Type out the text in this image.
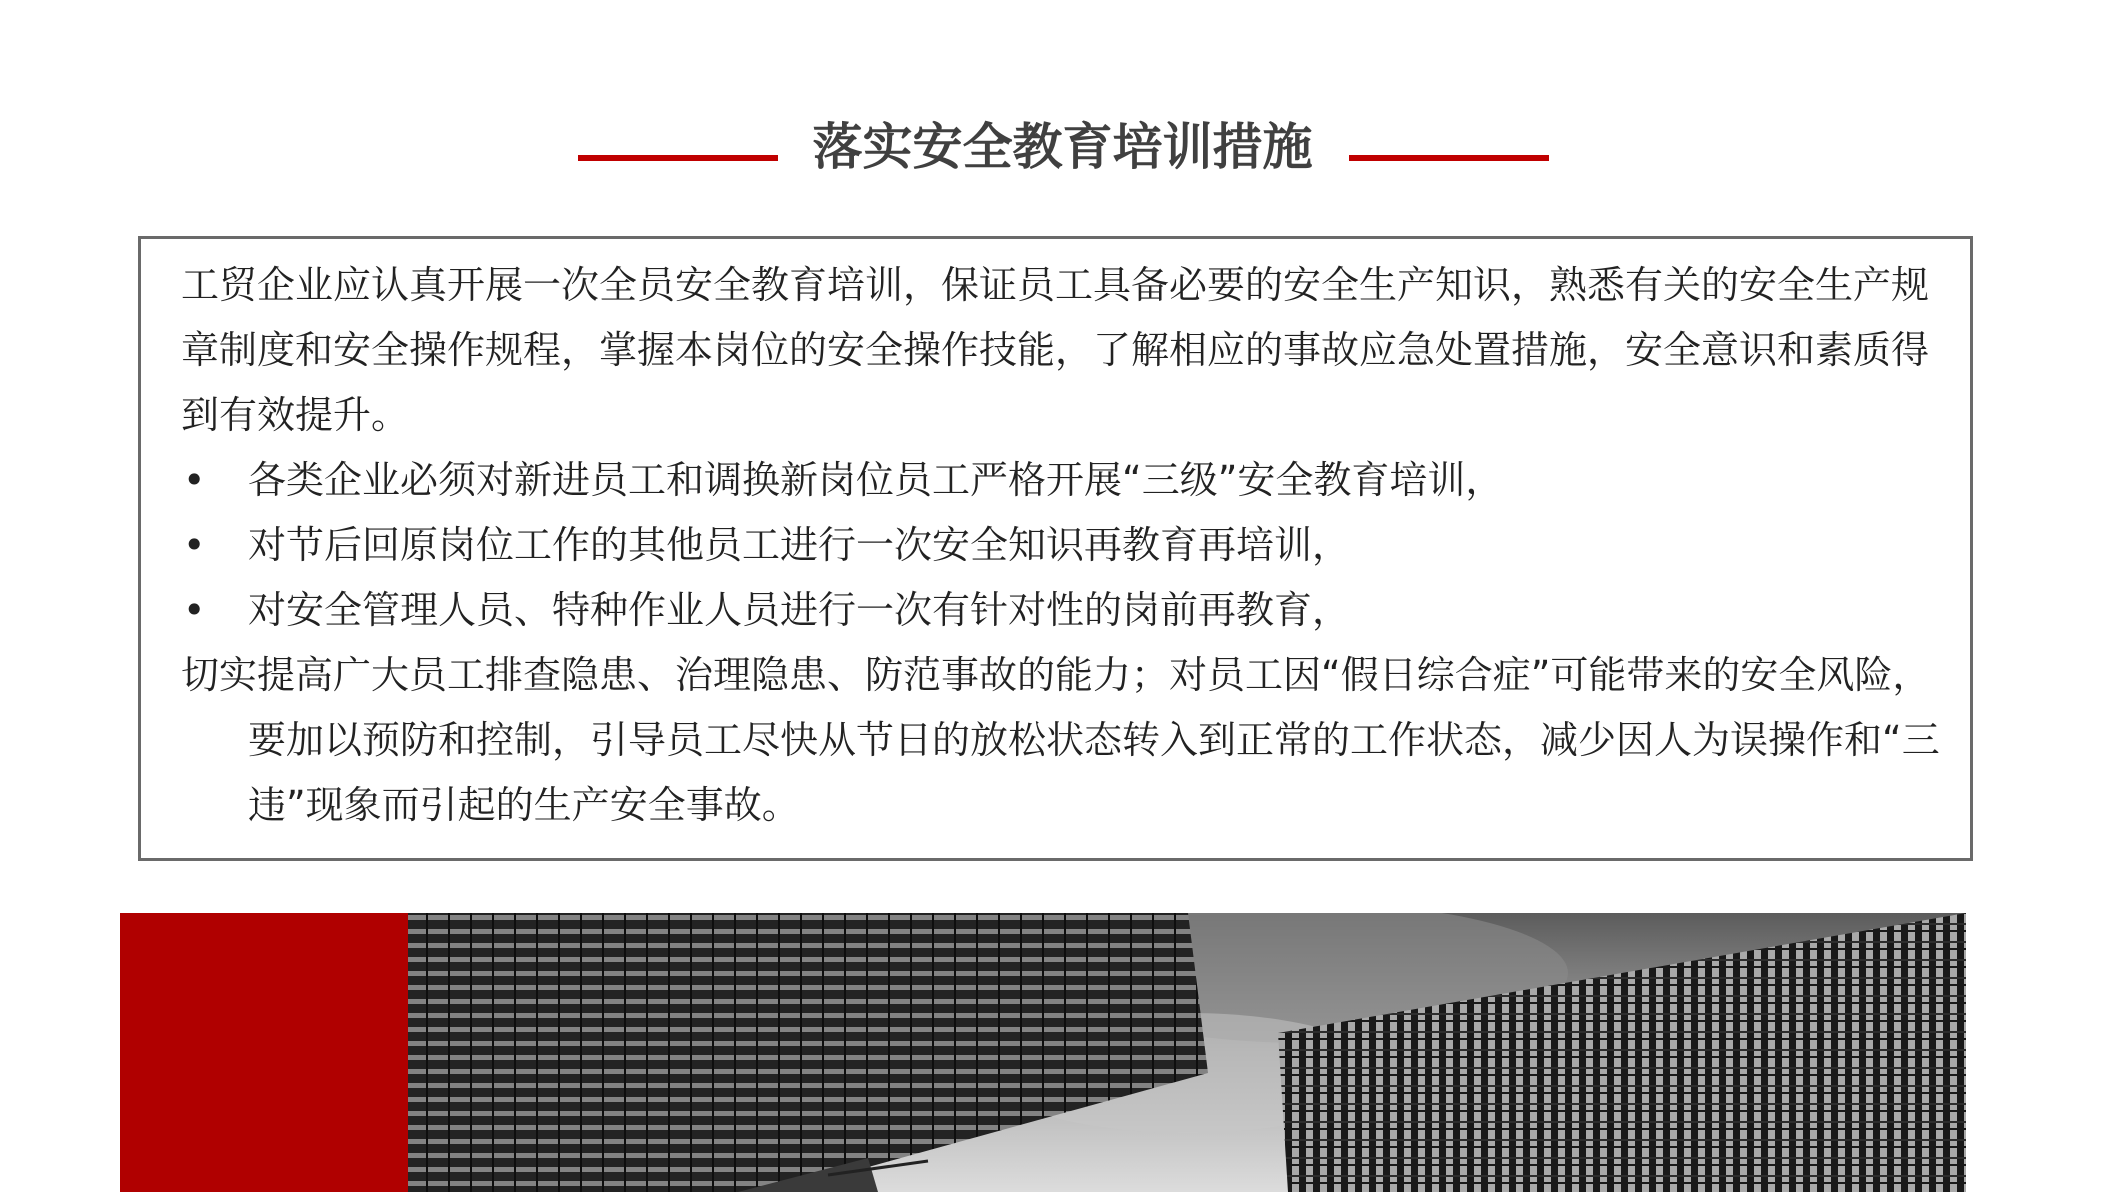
落实安全教育培训措施

工贸企业应认真开展一次全员安全教育培训，保证员工具备必要的安全生产知识，熟悉有关的安全生产规章制度和安全操作规程，掌握本岗位的安全操作技能，了解相应的事故应急处置措施，安全意识和素质得到有效提升。

• 各类企业必须对新进员工和调换新岗位员工严格开展“三级”安全教育培训，
• 对节后回原岗位工作的其他员工进行一次安全知识再教育再培训，
• 对安全管理人员、特种作业人员进行一次有针对性的岗前再教育，

切实提高广大员工排查隐患、治理隐患、防范事故的能力；对员工因“假日综合症”可能带来的安全风险，要加以预防和控制，引导员工尽快从节日的放松状态转入到正常的工作状态，减少因人为误操作和“三违”现象而引起的生产安全事故。
